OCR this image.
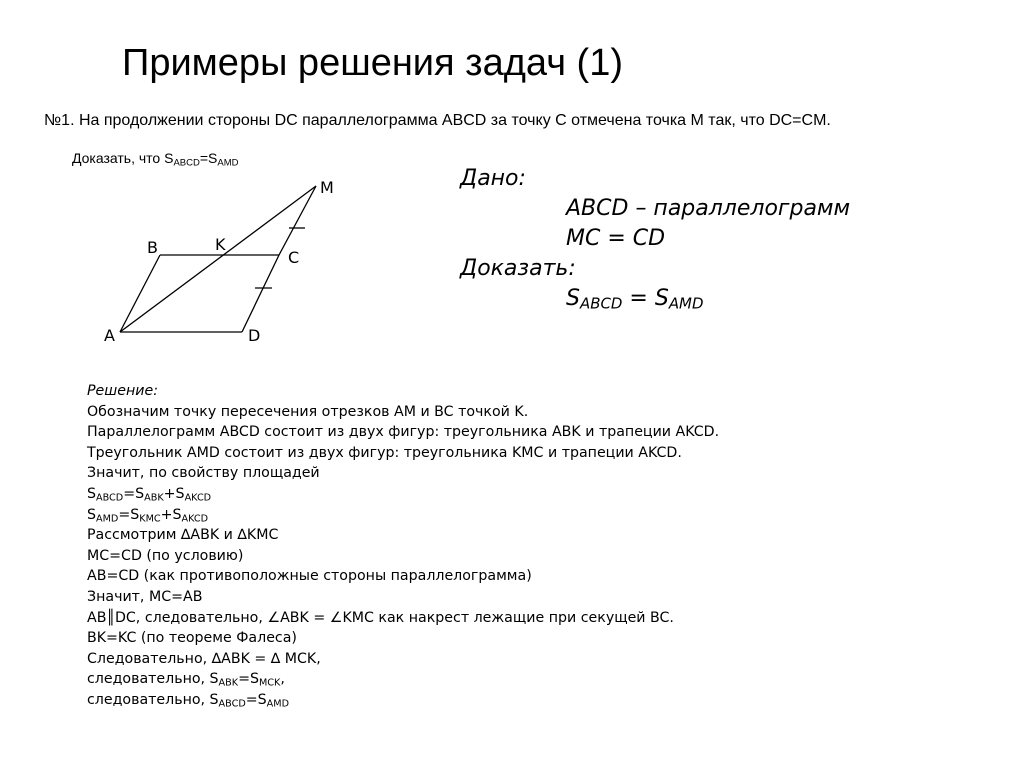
Примеры решения задач (1)
№1. На продолжении стороны DC параллелограмма ABCD за точку C отмечена точка M так, что DC=CM.
Доказать, что $S_{ABCD}=S_{AMD}$
A
B	K
C
D
M	Дано:
ABCD – параллелограмм
MC = CD
Доказать:
$S_{ABCD} = S_{AMD}$
Решение:
Обозначим точку пересечения отрезков AM и BC точкой K.
Параллелограмм ABCD состоит из двух фигур: треугольника ABK и трапеции AKCD.
Треугольник AMD состоит из двух фигур: треугольника KMC и трапеции AKCD.
Значит, по свойству площадей
$S_{ABCD}=S_{ABK}+S_{AKCD}$
$S_{AMD}=S_{KMC}+S_{AKCD}$
Рассмотрим ∆ABK и ∆KMC
MC=CD (по условию)
AB=CD (как противоположные стороны параллелограмма)
Значит, MC=AB
AB║DC, следовательно, ∠ABK = ∠KMC как накрест лежащие при секущей BC.
BK=KC (по теореме Фалеса)
Следовательно, ∆ABK = ∆ MCK,
следовательно, $S_{ABK}=S_{MCK}$,
следовательно, $S_{ABCD}=S_{AMD}$
